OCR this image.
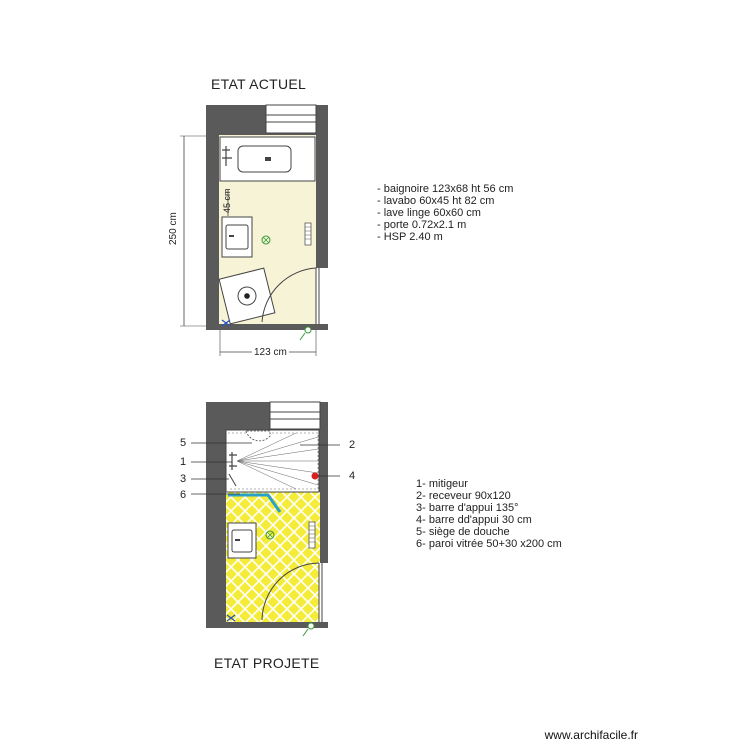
ETAT ACTUEL
ETAT PROJETE
250 cm
123 cm
45 cm
5
1
3
6
2
4
- baignoire 123x68 ht 56 cm
- lavabo 60x45 ht 82 cm
- lave linge 60x60 cm
- porte 0.72x2.1 m
- HSP 2.40 m
1- mitigeur
2- receveur 90x120
3- barre d'appui 135°
4- barre dd'appui 30 cm
5- siège de douche
6- paroi vitrée 50+30 x200 cm
www.archifacile.fr
